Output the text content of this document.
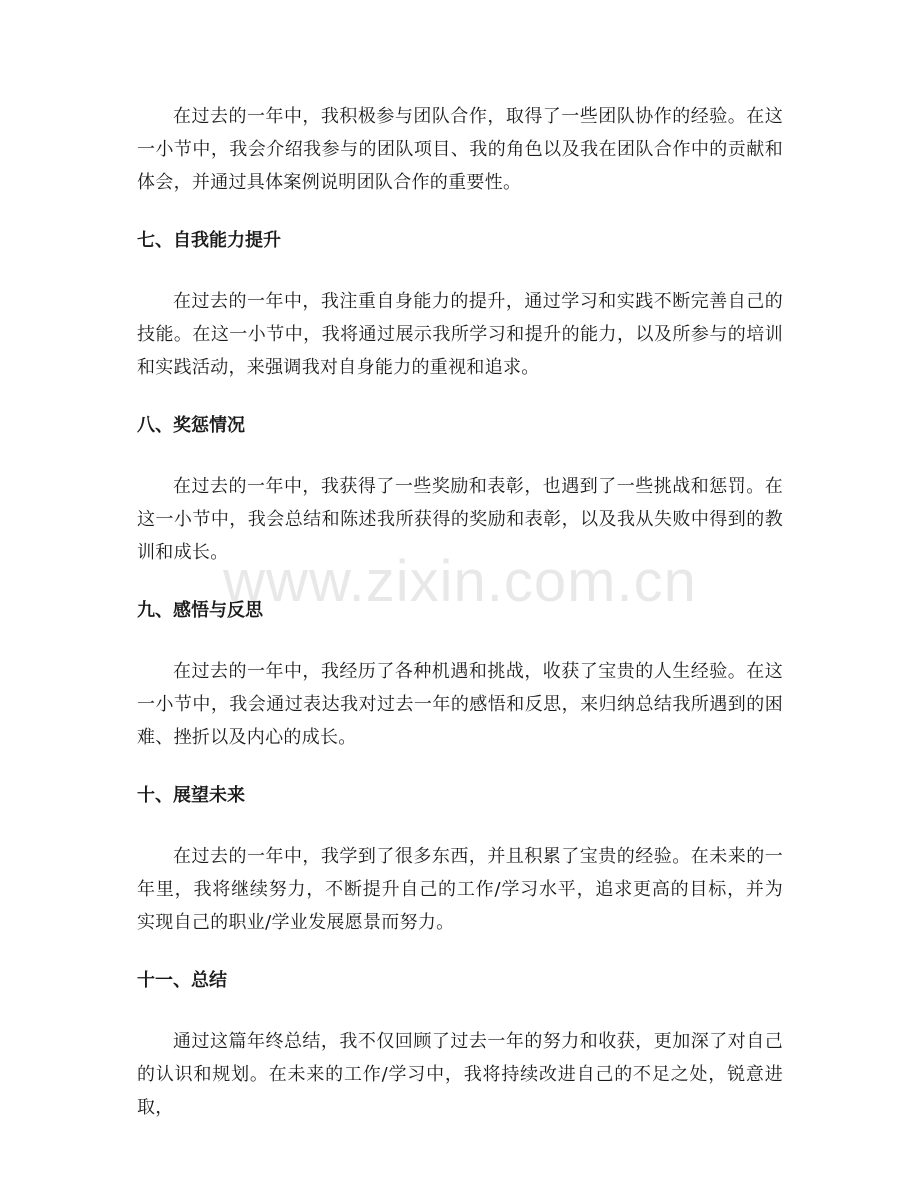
在过去的一年中，我积极参与团队合作，取得了一些团队协作的经验。在这一小节中，我会介绍我参与的团队项目、我的角色以及我在团队合作中的贡献和体会，并通过具体案例说明团队合作的重要性。

七、自我能力提升

在过去的一年中，我注重自身能力的提升，通过学习和实践不断完善自己的技能。在这一小节中，我将通过展示我所学习和提升的能力，以及所参与的培训和实践活动，来强调我对自身能力的重视和追求。

八、奖惩情况

在过去的一年中，我获得了一些奖励和表彰，也遇到了一些挑战和惩罚。在这一小节中，我会总结和陈述我所获得的奖励和表彰，以及我从失败中得到的教训和成长。

九、感悟与反思

在过去的一年中，我经历了各种机遇和挑战，收获了宝贵的人生经验。在这一小节中，我会通过表达我对过去一年的感悟和反思，来归纳总结我所遇到的困难、挫折以及内心的成长。

十、展望未来

在过去的一年中，我学到了很多东西，并且积累了宝贵的经验。在未来的一年里，我将继续努力，不断提升自己的工作/学习水平，追求更高的目标，并为实现自己的职业/学业发展愿景而努力。

十一、总结

通过这篇年终总结，我不仅回顾了过去一年的努力和收获，更加深了对自己的认识和规划。在未来的工作/学习中，我将持续改进自己的不足之处，锐意进取，

www.zixin.com.cn
